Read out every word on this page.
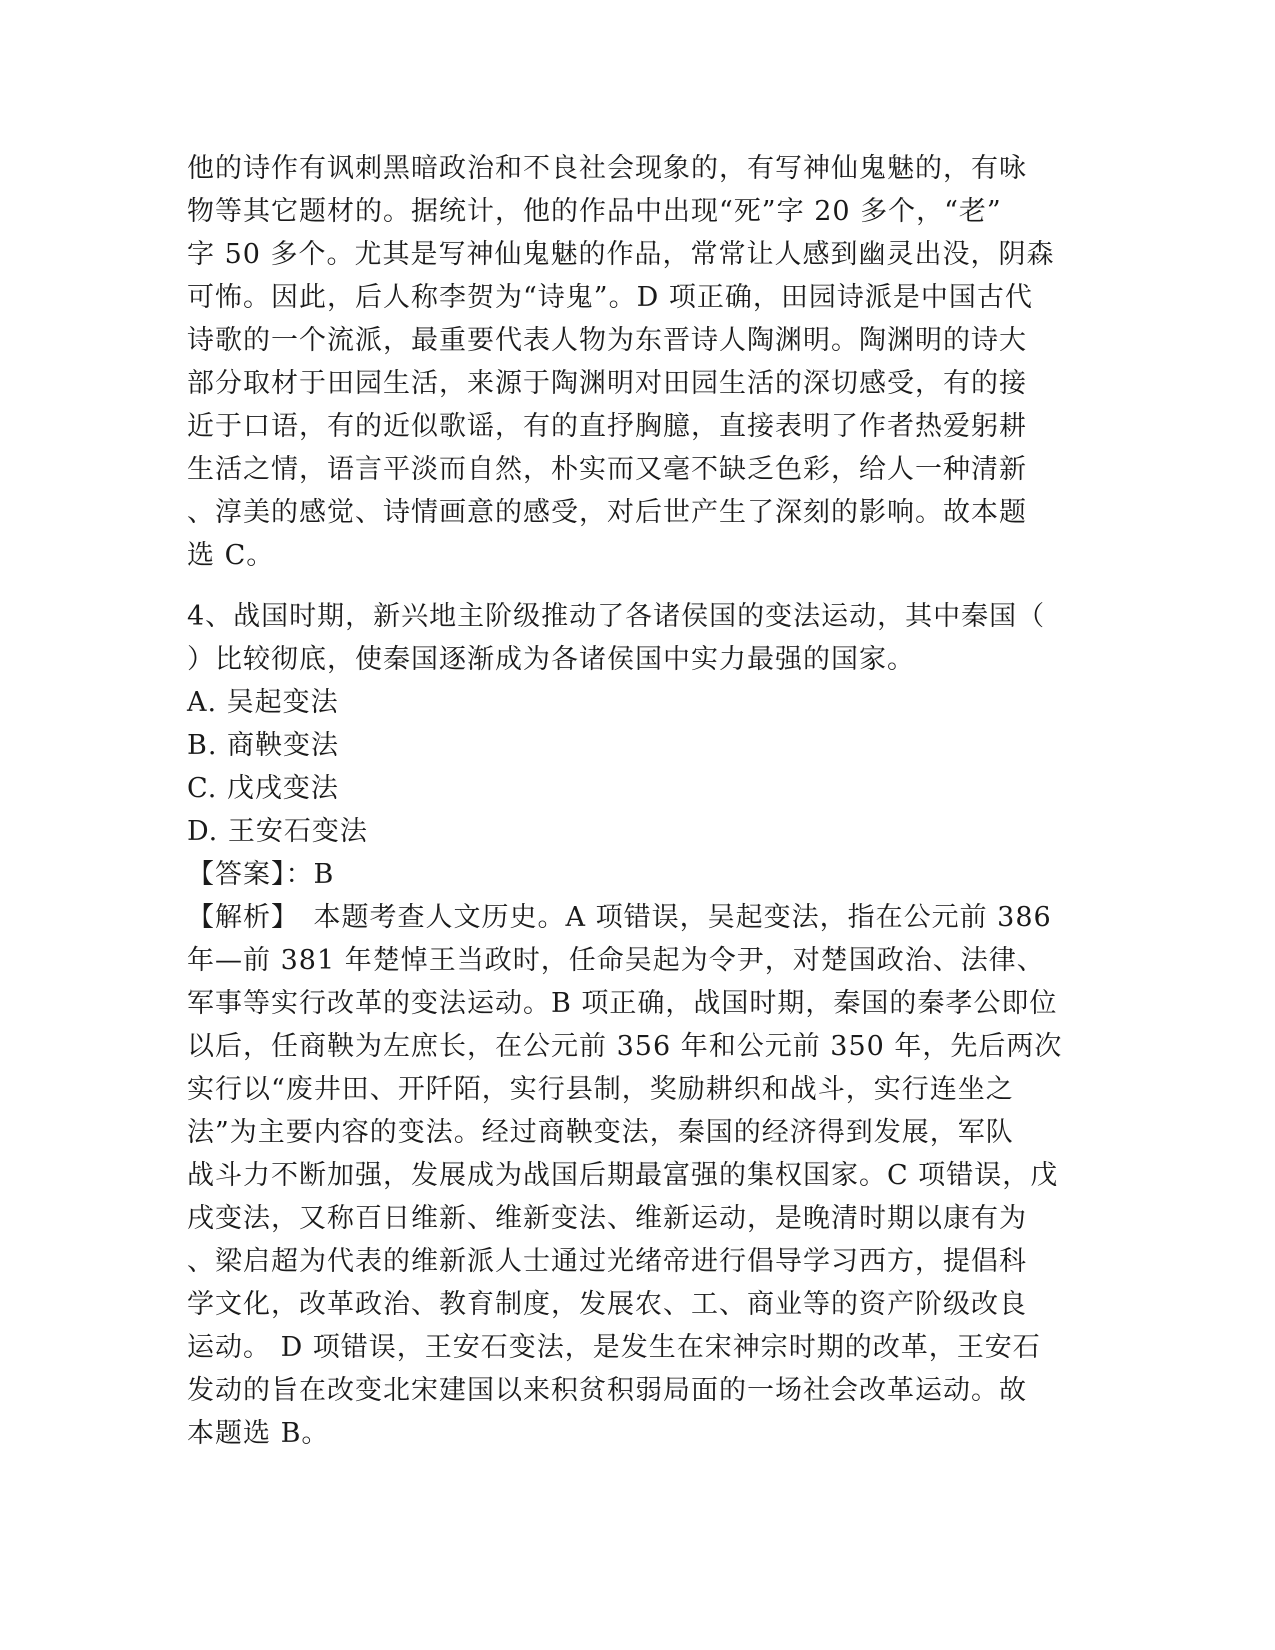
他的诗作有讽刺黑暗政治和不良社会现象的，有写神仙鬼魅的，有咏
物等其它题材的。据统计，他的作品中出现“死”字 20 多个，“老”
字 50 多个。尤其是写神仙鬼魅的作品，常常让人感到幽灵出没，阴森
可怖。因此，后人称李贺为“诗鬼”。D 项正确，田园诗派是中国古代
诗歌的一个流派，最重要代表人物为东晋诗人陶渊明。陶渊明的诗大
部分取材于田园生活，来源于陶渊明对田园生活的深切感受，有的接
近于口语，有的近似歌谣，有的直抒胸臆，直接表明了作者热爱躬耕
生活之情，语言平淡而自然，朴实而又毫不缺乏色彩，给人一种清新
、淳美的感觉、诗情画意的感受，对后世产生了深刻的影响。故本题
选 C。
4、战国时期，新兴地主阶级推动了各诸侯国的变法运动，其中秦国（
）比较彻底，使秦国逐渐成为各诸侯国中实力最强的国家。
A. 吴起变法
B. 商鞅变法
C. 戊戌变法
D. 王安石变法
【答案】：B
【解析】　本题考查人文历史。A 项错误，吴起变法，指在公元前 386
年—前 381 年楚悼王当政时，任命吴起为令尹，对楚国政治、法律、
军事等实行改革的变法运动。B 项正确，战国时期，秦国的秦孝公即位
以后，任商鞅为左庶长，在公元前 356 年和公元前 350 年，先后两次
实行以“废井田、开阡陌，实行县制，奖励耕织和战斗，实行连坐之
法”为主要内容的变法。经过商鞅变法，秦国的经济得到发展，军队
战斗力不断加强，发展成为战国后期最富强的集权国家。C 项错误，戊
戌变法，又称百日维新、维新变法、维新运动，是晚清时期以康有为
、梁启超为代表的维新派人士通过光绪帝进行倡导学习西方，提倡科
学文化，改革政治、教育制度，发展农、工、商业等的资产阶级改良
运动。 D 项错误，王安石变法，是发生在宋神宗时期的改革，王安石
发动的旨在改变北宋建国以来积贫积弱局面的一场社会改革运动。故
本题选 B。
